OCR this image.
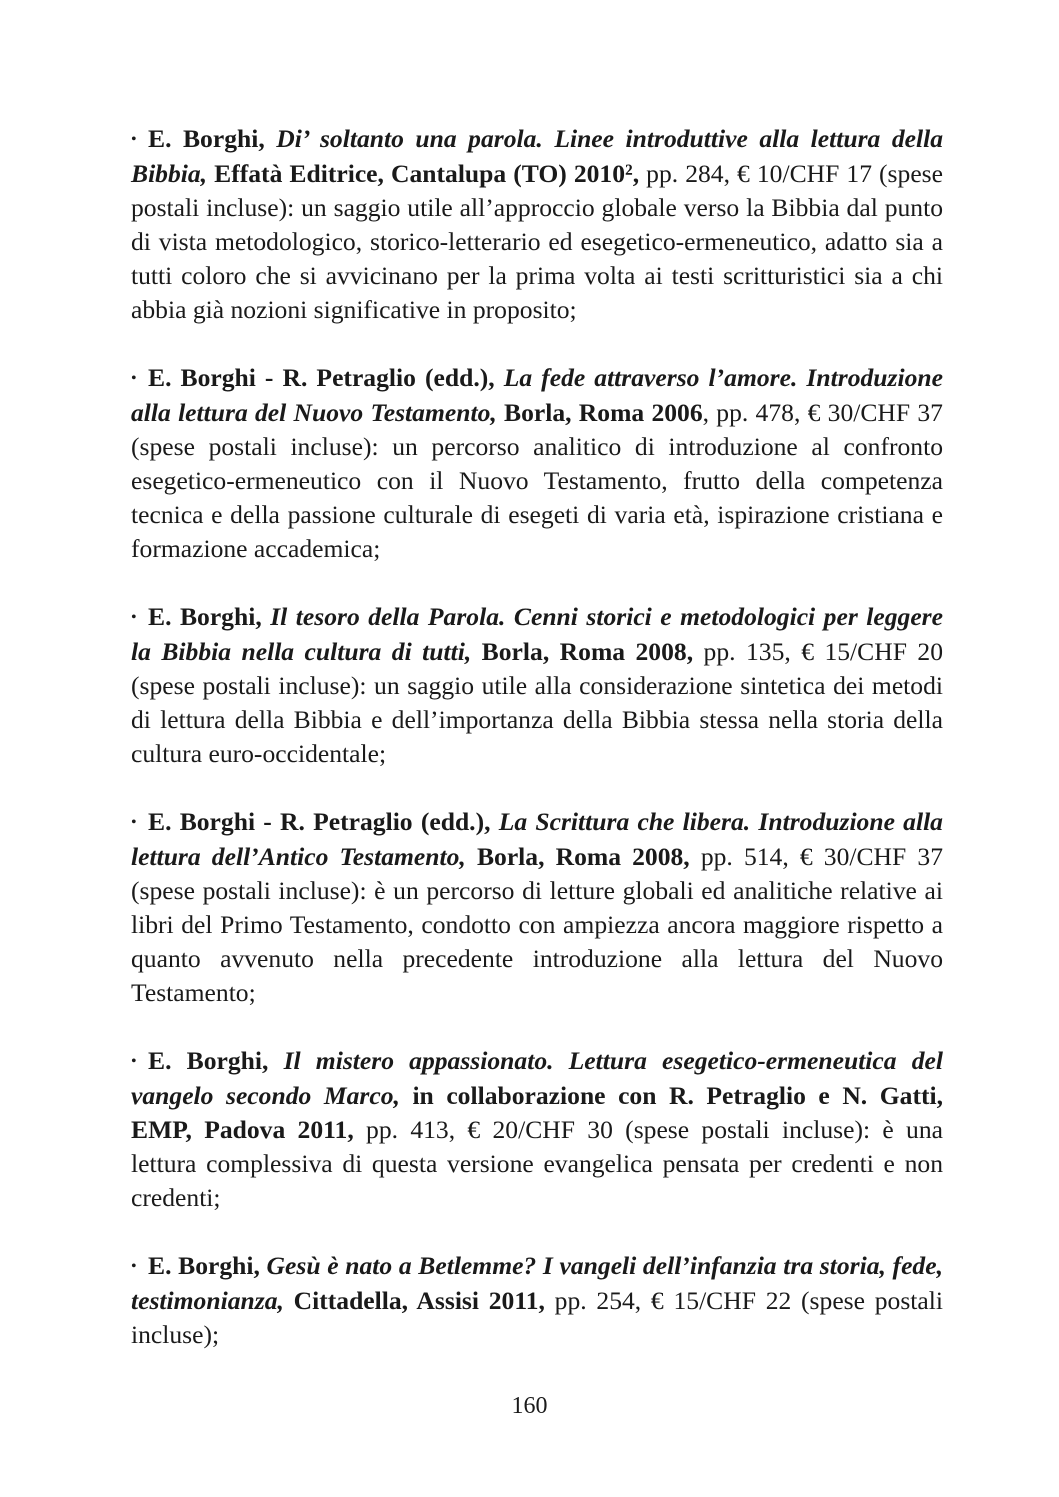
• E. Borghi, Di’ soltanto una parola. Linee introduttive alla lettura della Bibbia, Effatà Editrice, Cantalupa (TO) 2010², pp. 284, € 10/CHF 17 (spese postali incluse): un saggio utile all’approccio globale verso la Bibbia dal punto di vista metodologico, storico-letterario ed esegetico-ermeneutico, adatto sia a tutti coloro che si avvicinano per la prima volta ai testi scritturistici sia a chi abbia già nozioni significative in proposito;

• E. Borghi - R. Petraglio (edd.), La fede attraverso l’amore. Introduzione alla lettura del Nuovo Testamento, Borla, Roma 2006, pp. 478, € 30/CHF 37 (spese postali incluse): un percorso analitico di introduzione al confronto esegetico-ermeneutico con il Nuovo Testamento, frutto della competenza tecnica e della passione culturale di esegeti di varia età, ispirazione cristiana e formazione accademica;

• E. Borghi, Il tesoro della Parola. Cenni storici e metodologici per leggere la Bibbia nella cultura di tutti, Borla, Roma 2008, pp. 135, € 15/CHF 20 (spese postali incluse): un saggio utile alla considerazione sintetica dei metodi di lettura della Bibbia e dell’importanza della Bibbia stessa nella storia della cultura euro-occidentale;

• E. Borghi - R. Petraglio (edd.), La Scrittura che libera. Introduzione alla lettura dell’Antico Testamento, Borla, Roma 2008, pp. 514, € 30/CHF 37 (spese postali incluse): è un percorso di letture globali ed analitiche relative ai libri del Primo Testamento, condotto con ampiezza ancora maggiore rispetto a quanto avvenuto nella precedente introduzione alla lettura del Nuovo Testamento;

• E. Borghi, Il mistero appassionato. Lettura esegetico-ermeneutica del vangelo secondo Marco, in collaborazione con R. Petraglio e N. Gatti, EMP, Padova 2011, pp. 413, € 20/CHF 30 (spese postali incluse): è una lettura complessiva di questa versione evangelica pensata per credenti e non credenti;

• E. Borghi, Gesù è nato a Betlemme? I vangeli dell’infanzia tra storia, fede, testimonianza, Cittadella, Assisi 2011, pp. 254, € 15/CHF 22 (spese postali incluse);

160
